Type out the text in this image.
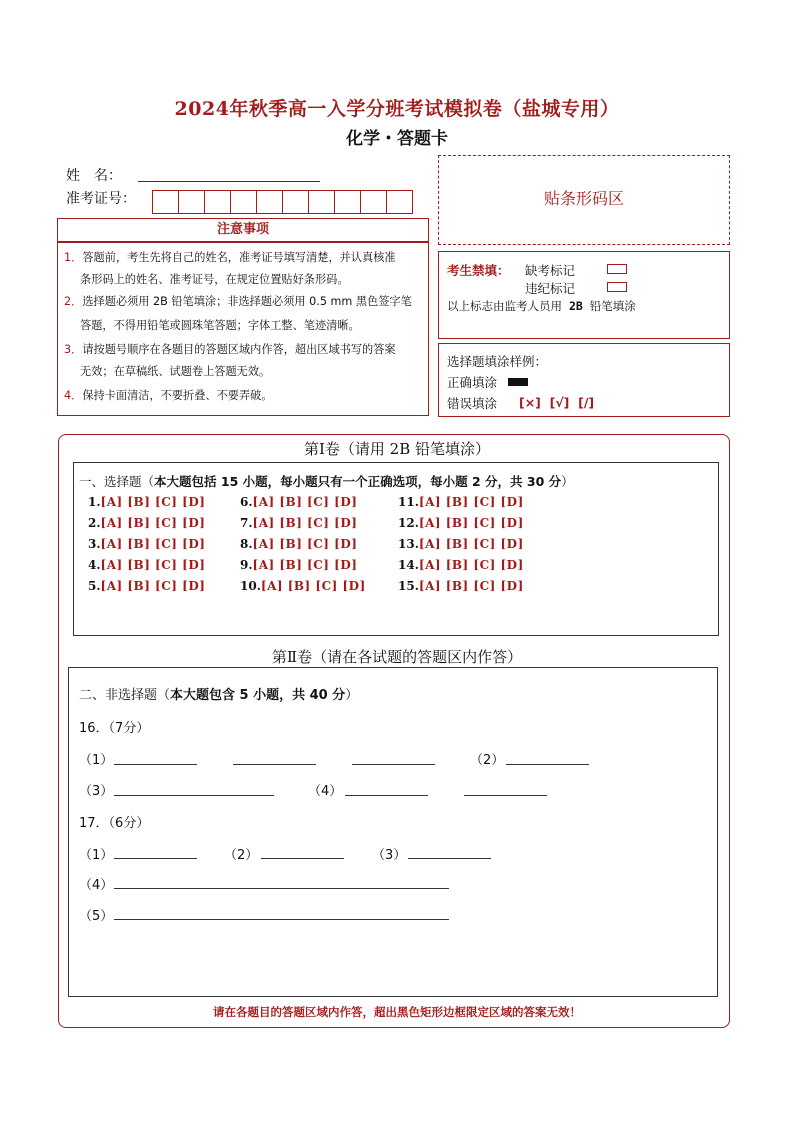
2024年秋季高一入学分班考试模拟卷（盐城专用）
化学・答题卡
姓　名：
准考证号：	贴条形码区
注意事项

1．答题前，考生先将自己的姓名，准考证号填写清楚，并认真核准

条形码上的姓名、准考证号，在规定位置贴好条形码。

2．选择题必须用 2B 铅笔填涂；非选择题必须用 0.5 mm 黑色签字笔

答题，不得用铅笔或圆珠笔答题；字体工整、笔迹清晰。

3．请按题号顺序在各题目的答题区域内作答，超出区域书写的答案

无效；在草稿纸、试题卷上答题无效。

4．保持卡面清洁，不要折叠、不要弄破。

考生禁填： 缺考标记
违纪标记
以上标志由监考人员用 2B 铅笔填涂
选择题填涂样例：
正确填涂
错误填涂 [×] [√] [/]
第Ⅰ卷（请用 2B 铅笔填涂）
一、选择题（本大题包括 15 小题，每小题只有一个正确选项，每小题 2 分，共 30 分）
1.[A] [B] [C] [D]
2.[A] [B] [C] [D]
3.[A] [B] [C] [D]
4.[A] [B] [C] [D]
5.[A] [B] [C] [D]
6.[A] [B] [C] [D]
7.[A] [B] [C] [D]
8.[A] [B] [C] [D]
9.[A] [B] [C] [D]
10.[A] [B] [C] [D]
11.[A] [B] [C] [D]
12.[A] [B] [C] [D]
13.[A] [B] [C] [D]
14.[A] [B] [C] [D]
15.[A] [B] [C] [D]
第Ⅱ卷（请在各试题的答题区内作答）
二、非选择题（本大题包含 5 小题，共 40 分）
16．（7分）
（1）	（2）
（3）	（4）
17．（6分）
（1）	（2）	（3）
（4）
（5）
请在各题目的答题区域内作答，超出黑色矩形边框限定区域的答案无效！
